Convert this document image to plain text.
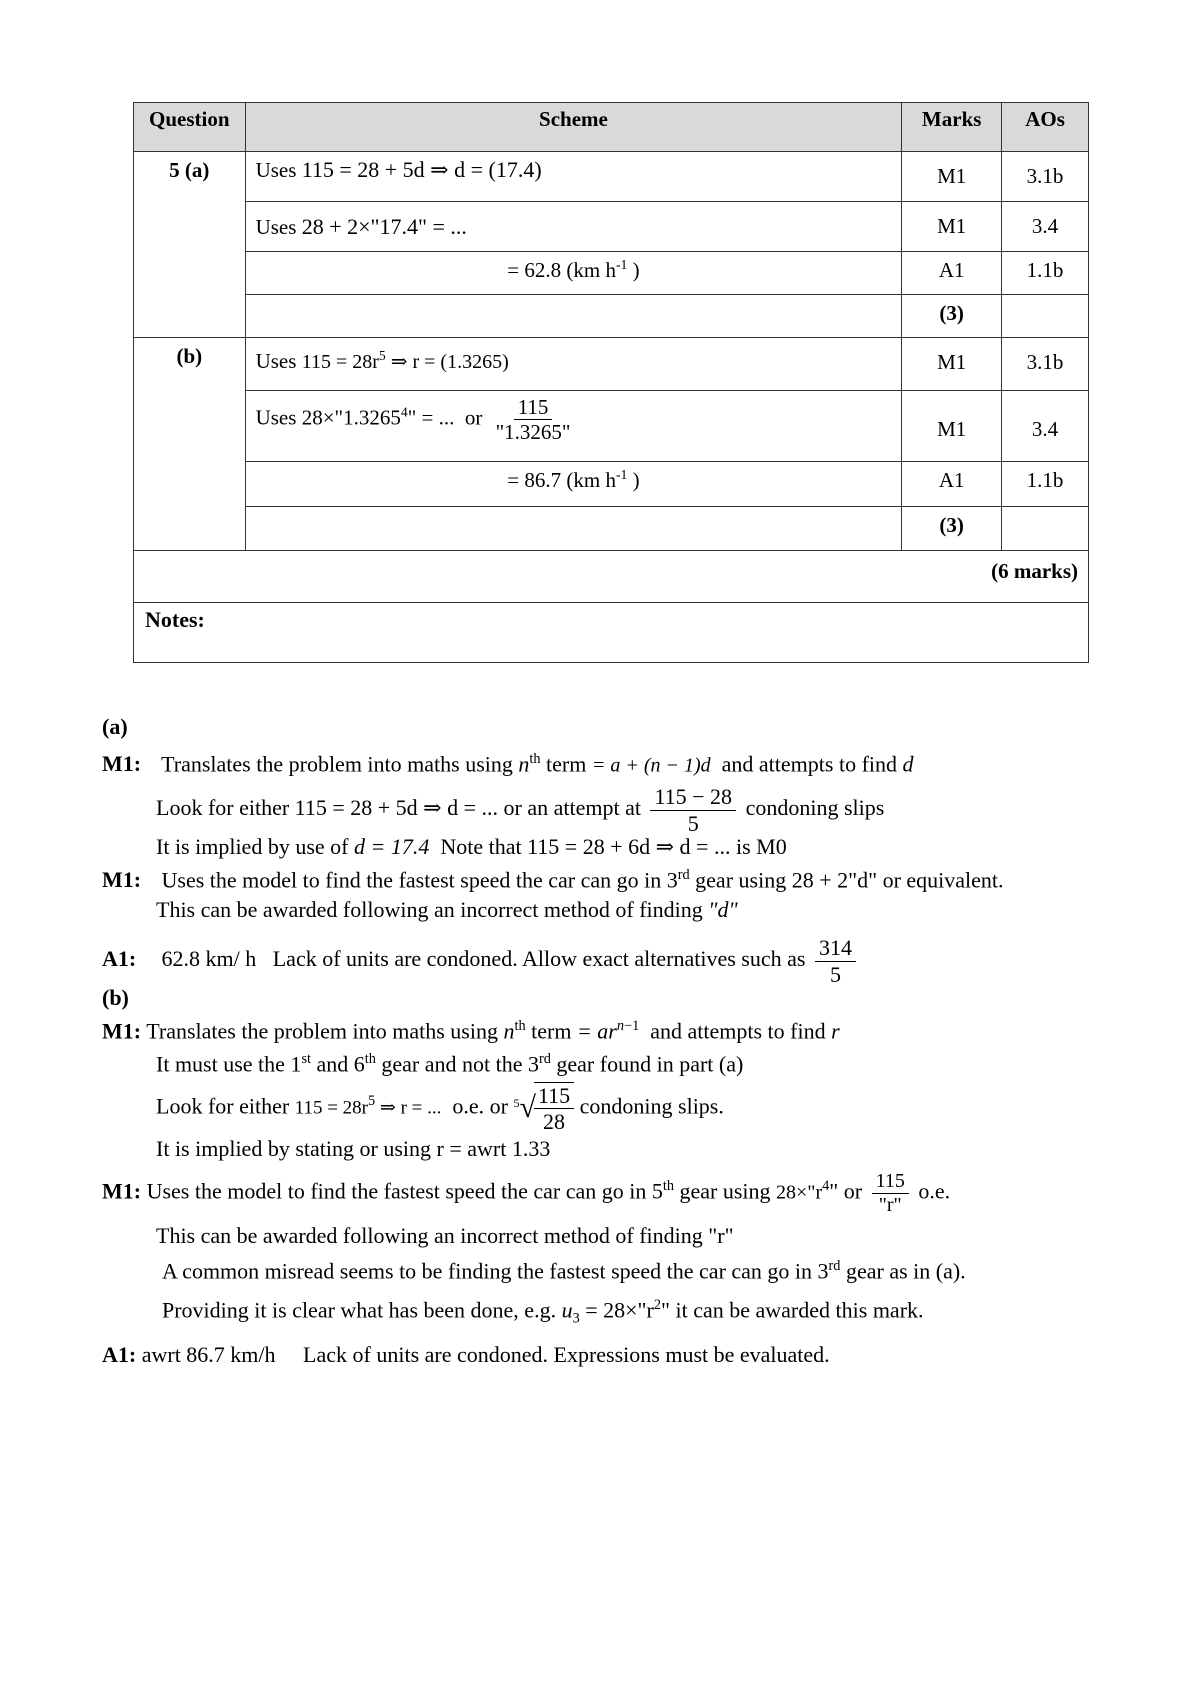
Question	Scheme	Marks	AOs
5 (a)	Uses 115 = 28 + 5d ⇒ d = (17.4)	M1	3.1b
	Uses 28 + 2×"17.4" = ...	M1	3.4
	= 62.8 (km $h^{-1}$ )	A1	1.1b
		(3)	
(b)	Uses $115 = 28r^5$ ⇒ r = (1.3265)	M1	3.1b
	Uses $28\times"1.3265^4$" = ... or $\frac{115}{"1.3265"}$	M1	3.4
	= 86.7 (km $h^{-1}$ )	A1	1.1b
		(3)	
(6 marks)			
Notes:			
(a)
M1: Translates the problem into maths using $n^{th}$ term = a + (n − 1)d and attempts to find d
Look for either 115 = 28 + 5d ⇒ d = ... or an attempt at $\frac{115 - 28}{5}$ condoning slips
It is implied by use of d = 17.4 Note that 115 = 28 + 6d ⇒ d = ... is M0
M1: Uses the model to find the fastest speed the car can go in 3rd gear using 28 + 2"d" or equivalent.
This can be awarded following an incorrect method of finding "d"
A1: 62.8 km/ h Lack of units are condoned. Allow exact alternatives such as $\frac{314}{5}$
(b)
M1: Translates the problem into maths using $n^{th}$ term = $ar^{n-1}$ and attempts to find r
It must use the 1st and 6th gear and not the 3rd gear found in part (a)
Look for either $115 = 28r^5$ ⇒ r = ... o.e. or 5 √
$\frac{115}{28}$ condoning slips.
It is implied by stating or using r = awrt 1.33
M1: Uses the model to find the fastest speed the car can go in 5th gear using $28\times"r^4$" or $\frac{115}{"r"} o.e$.
This can be awarded following an incorrect method of finding "r"
A common misread seems to be finding the fastest speed the car can go in 3rd gear as in (a).
Providing it is clear what has been done, e.g. $u_3$ = $28\times"r^2$" it can be awarded this mark.
A1: awrt 86.7 km/h Lack of units are condoned. Expressions must be evaluated.
